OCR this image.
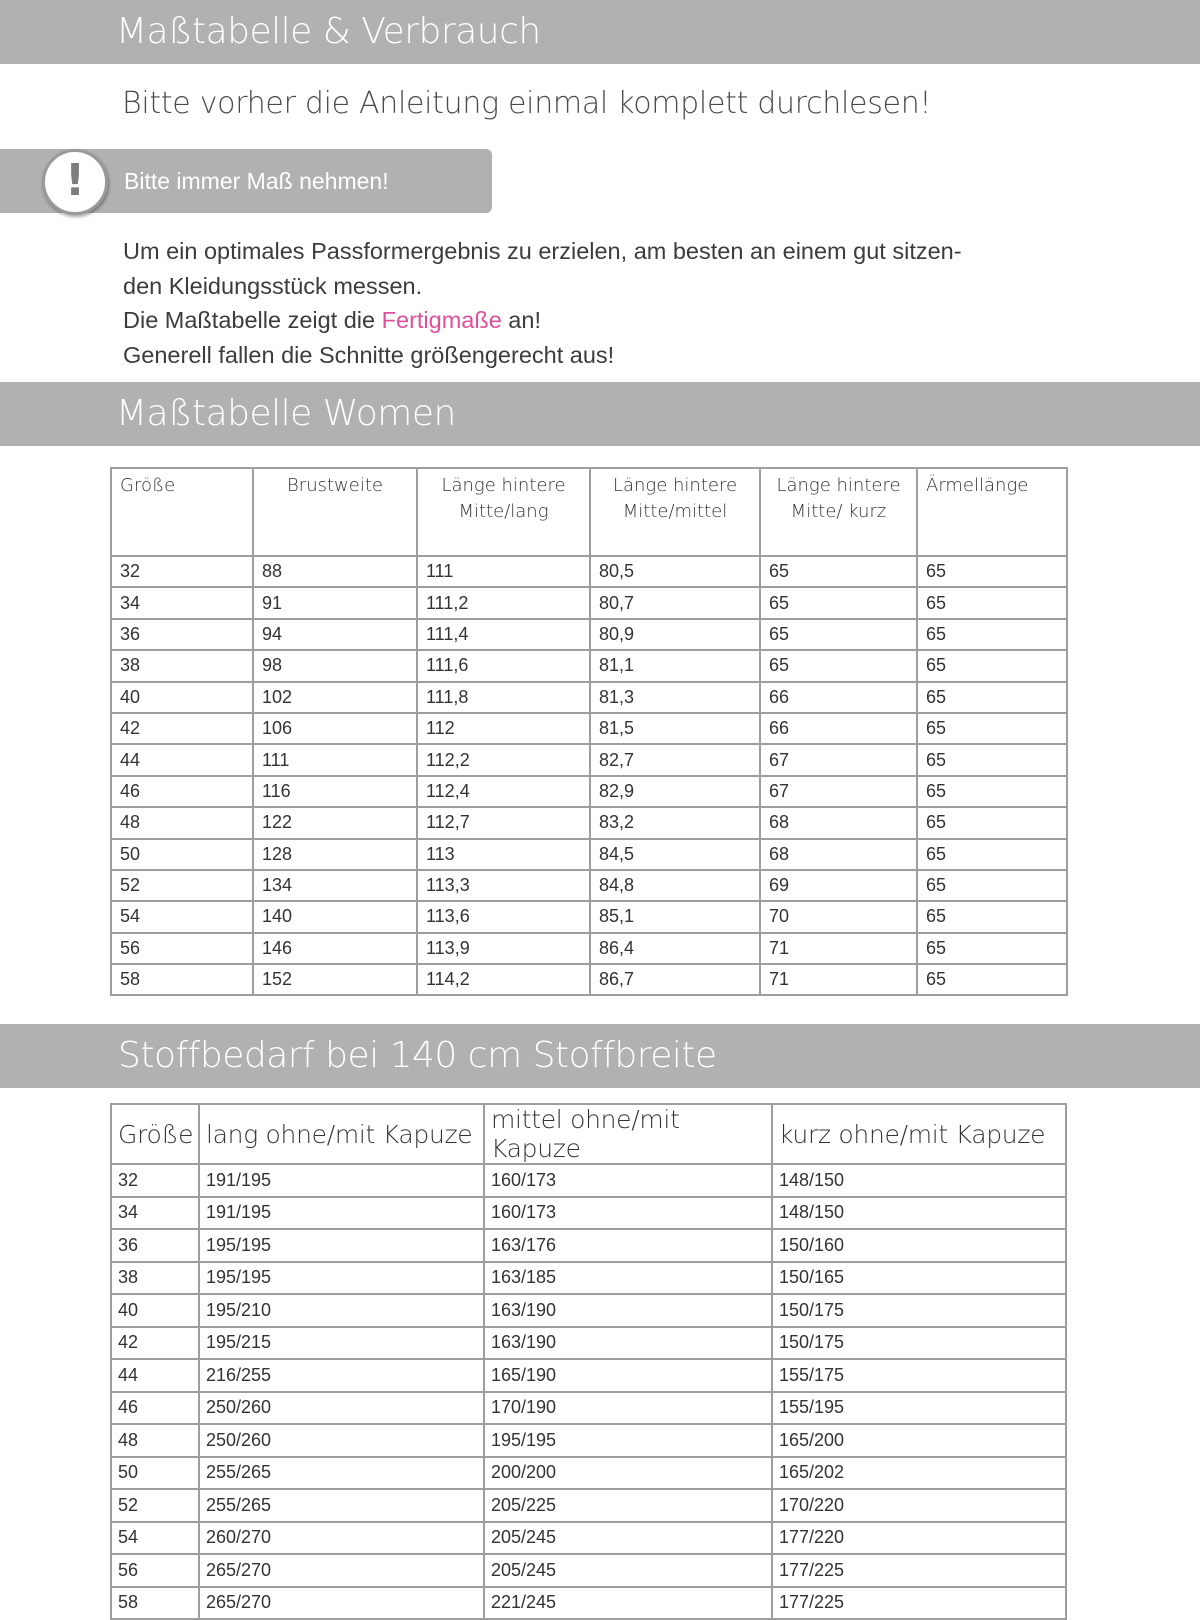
Maßtabelle & Verbrauch
Bitte vorher die Anleitung einmal komplett durchlesen!
!	Bitte immer Maß nehmen!
Um ein optimales Passformergebnis zu erzielen, am besten an einem gut sitzen-
den Kleidungsstück messen.
Die Maßtabelle zeigt die Fertigmaße an!
Generell fallen die Schnitte größengerecht aus!
Maßtabelle Women
Größe	Brustweite	Länge hintere Mitte/lang	Länge hintere Mitte/mittel	Länge hintere Mitte/ kurz	Ärmellänge
32	88	111	80,5	65	65
34	91	111,2	80,7	65	65
36	94	111,4	80,9	65	65
38	98	111,6	81,1	65	65
40	102	111,8	81,3	66	65
42	106	112	81,5	66	65
44	111	112,2	82,7	67	65
46	116	112,4	82,9	67	65
48	122	112,7	83,2	68	65
50	128	113	84,5	68	65
52	134	113,3	84,8	69	65
54	140	113,6	85,1	70	65
56	146	113,9	86,4	71	65
58	152	114,2	86,7	71	65
Stoffbedarf bei 140 cm Stoffbreite
Größe	lang ohne/mit Kapuze	mittel ohne/mit Kapuze	kurz ohne/mit Kapuze
32	191/195	160/173	148/150
34	191/195	160/173	148/150
36	195/195	163/176	150/160
38	195/195	163/185	150/165
40	195/210	163/190	150/175
42	195/215	163/190	150/175
44	216/255	165/190	155/175
46	250/260	170/190	155/195
48	250/260	195/195	165/200
50	255/265	200/200	165/202
52	255/265	205/225	170/220
54	260/270	205/245	177/220
56	265/270	205/245	177/225
58	265/270	221/245	177/225
